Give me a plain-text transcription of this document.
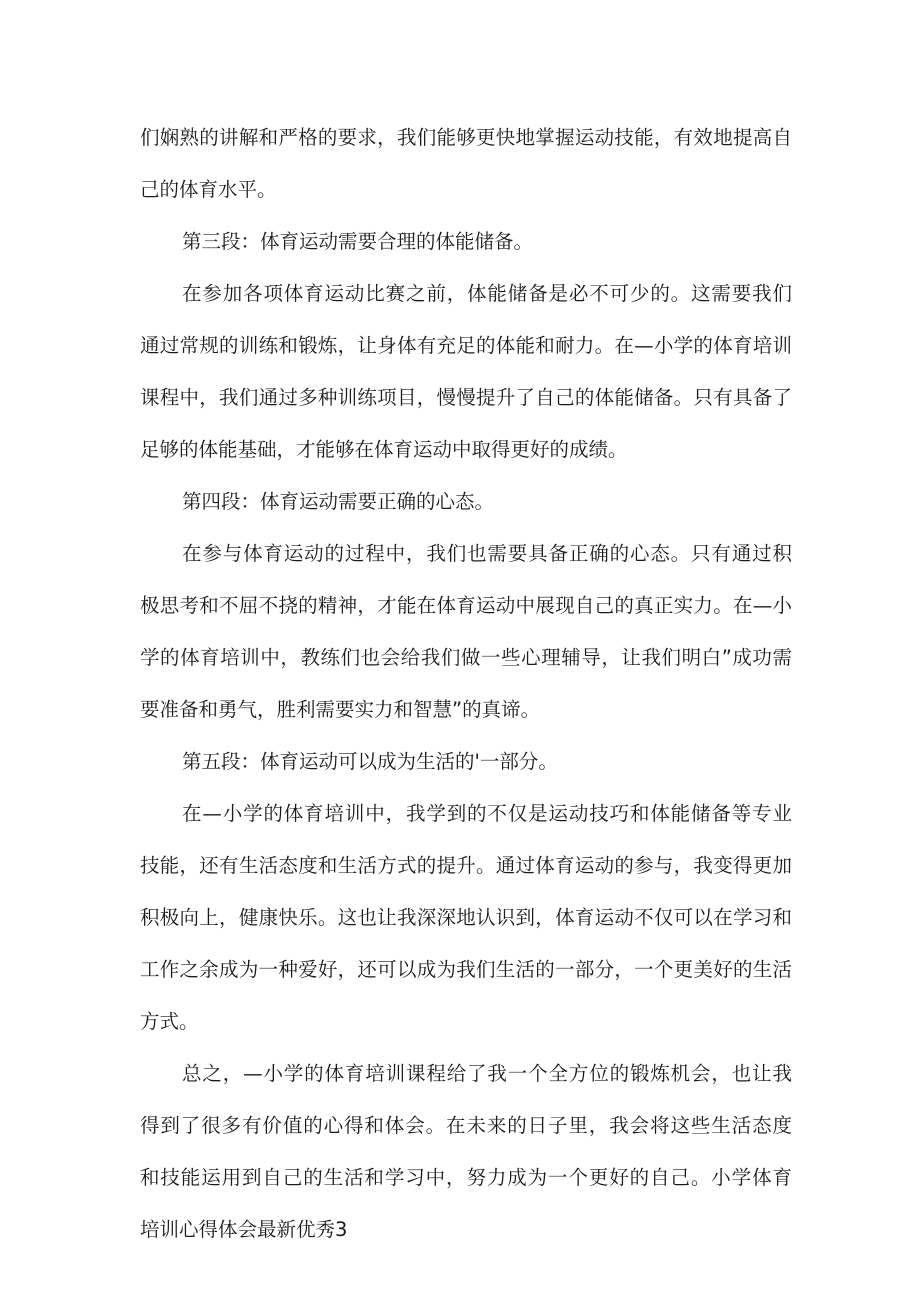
们娴熟的讲解和严格的要求，我们能够更快地掌握运动技能，有效地提高自
己的体育水平。
第三段：体育运动需要合理的体能储备。
在参加各项体育运动比赛之前，体能储备是必不可少的。这需要我们
通过常规的训练和锻炼，让身体有充足的体能和耐力。在—小学的体育培训
课程中，我们通过多种训练项目，慢慢提升了自己的体能储备。只有具备了
足够的体能基础，才能够在体育运动中取得更好的成绩。
第四段：体育运动需要正确的心态。
在参与体育运动的过程中，我们也需要具备正确的心态。只有通过积
极思考和不屈不挠的精神，才能在体育运动中展现自己的真正实力。在—小
学的体育培训中，教练们也会给我们做一些心理辅导，让我们明白”成功需
要准备和勇气，胜利需要实力和智慧”的真谛。
第五段：体育运动可以成为生活的'一部分。
在—小学的体育培训中，我学到的不仅是运动技巧和体能储备等专业
技能，还有生活态度和生活方式的提升。通过体育运动的参与，我变得更加
积极向上，健康快乐。这也让我深深地认识到，体育运动不仅可以在学习和
工作之余成为一种爱好，还可以成为我们生活的一部分，一个更美好的生活
方式。
总之，—小学的体育培训课程给了我一个全方位的锻炼机会，也让我
得到了很多有价值的心得和体会。在未来的日子里，我会将这些生活态度
和技能运用到自己的生活和学习中，努力成为一个更好的自己。小学体育
培训心得体会最新优秀3
